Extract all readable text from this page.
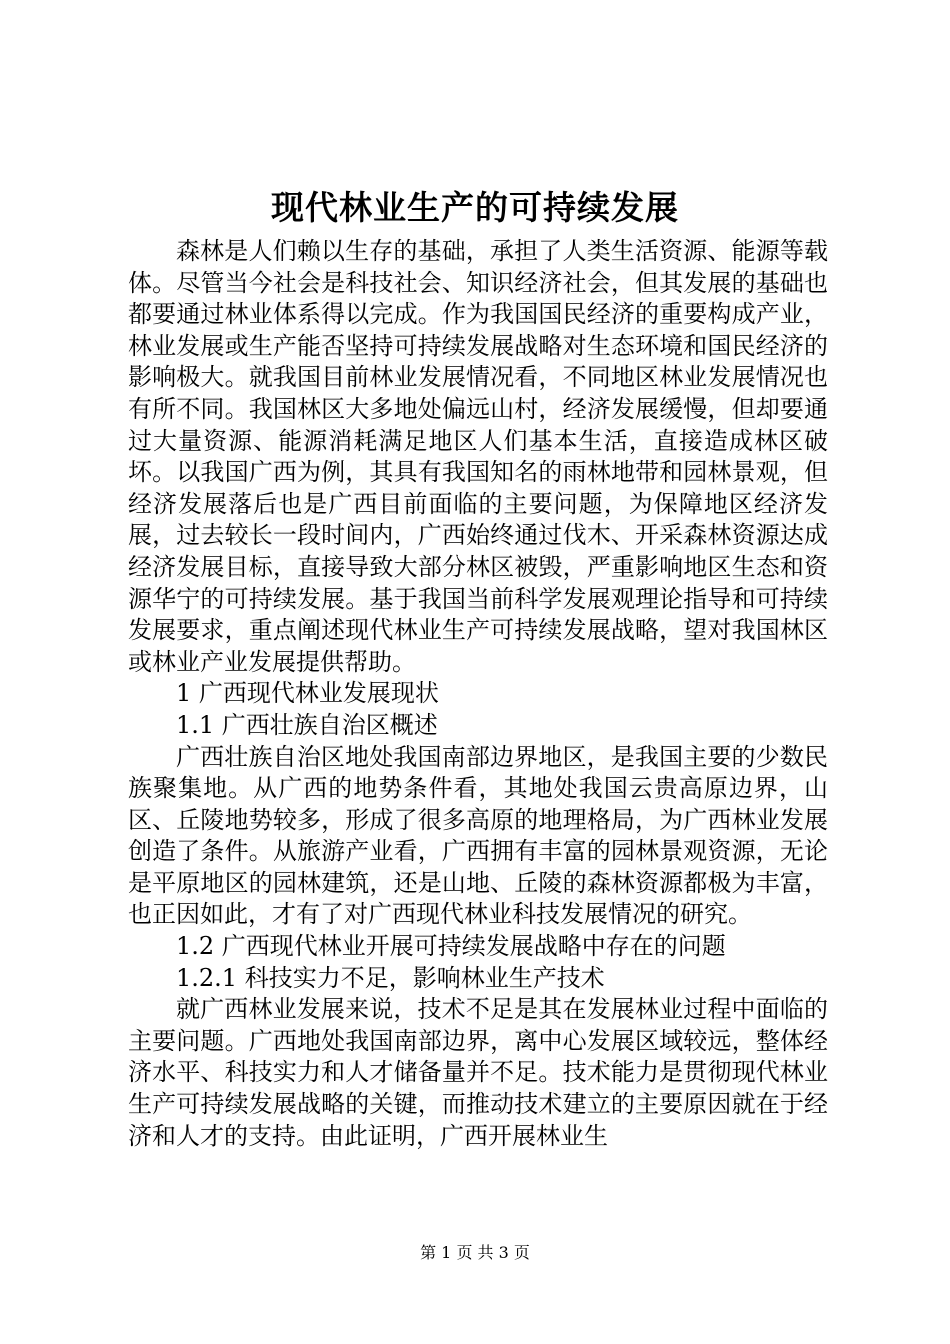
现代林业生产的可持续发展

森林是人们赖以生存的基础，承担了人类生活资源、能源等载体。尽管当今社会是科技社会、知识经济社会，但其发展的基础也都要通过林业体系得以完成。作为我国国民经济的重要构成产业，林业发展或生产能否坚持可持续发展战略对生态环境和国民经济的影响极大。就我国目前林业发展情况看，不同地区林业发展情况也有所不同。我国林区大多地处偏远山村，经济发展缓慢，但却要通过大量资源、能源消耗满足地区人们基本生活，直接造成林区破坏。以我国广西为例，其具有我国知名的雨林地带和园林景观，但经济发展落后也是广西目前面临的主要问题，为保障地区经济发展，过去较长一段时间内，广西始终通过伐木、开采森林资源达成经济发展目标，直接导致大部分林区被毁，严重影响地区生态和资源华宁的可持续发展。基于我国当前科学发展观理论指导和可持续发展要求，重点阐述现代林业生产可持续发展战略，望对我国林区或林业产业发展提供帮助。

1 广西现代林业发展现状

1.1 广西壮族自治区概述

广西壮族自治区地处我国南部边界地区，是我国主要的少数民族聚集地。从广西的地势条件看，其地处我国云贵高原边界，山区、丘陵地势较多，形成了很多高原的地理格局，为广西林业发展创造了条件。从旅游产业看，广西拥有丰富的园林景观资源，无论是平原地区的园林建筑，还是山地、丘陵的森林资源都极为丰富，也正因如此，才有了对广西现代林业科技发展情况的研究。

1.2 广西现代林业开展可持续发展战略中存在的问题

1.2.1 科技实力不足，影响林业生产技术

就广西林业发展来说，技术不足是其在发展林业过程中面临的主要问题。广西地处我国南部边界，离中心发展区域较远，整体经济水平、科技实力和人才储备量并不足。技术能力是贯彻现代林业生产可持续发展战略的关键，而推动技术建立的主要原因就在于经济和人才的支持。由此证明，广西开展林业生

第 1 页 共 3 页
